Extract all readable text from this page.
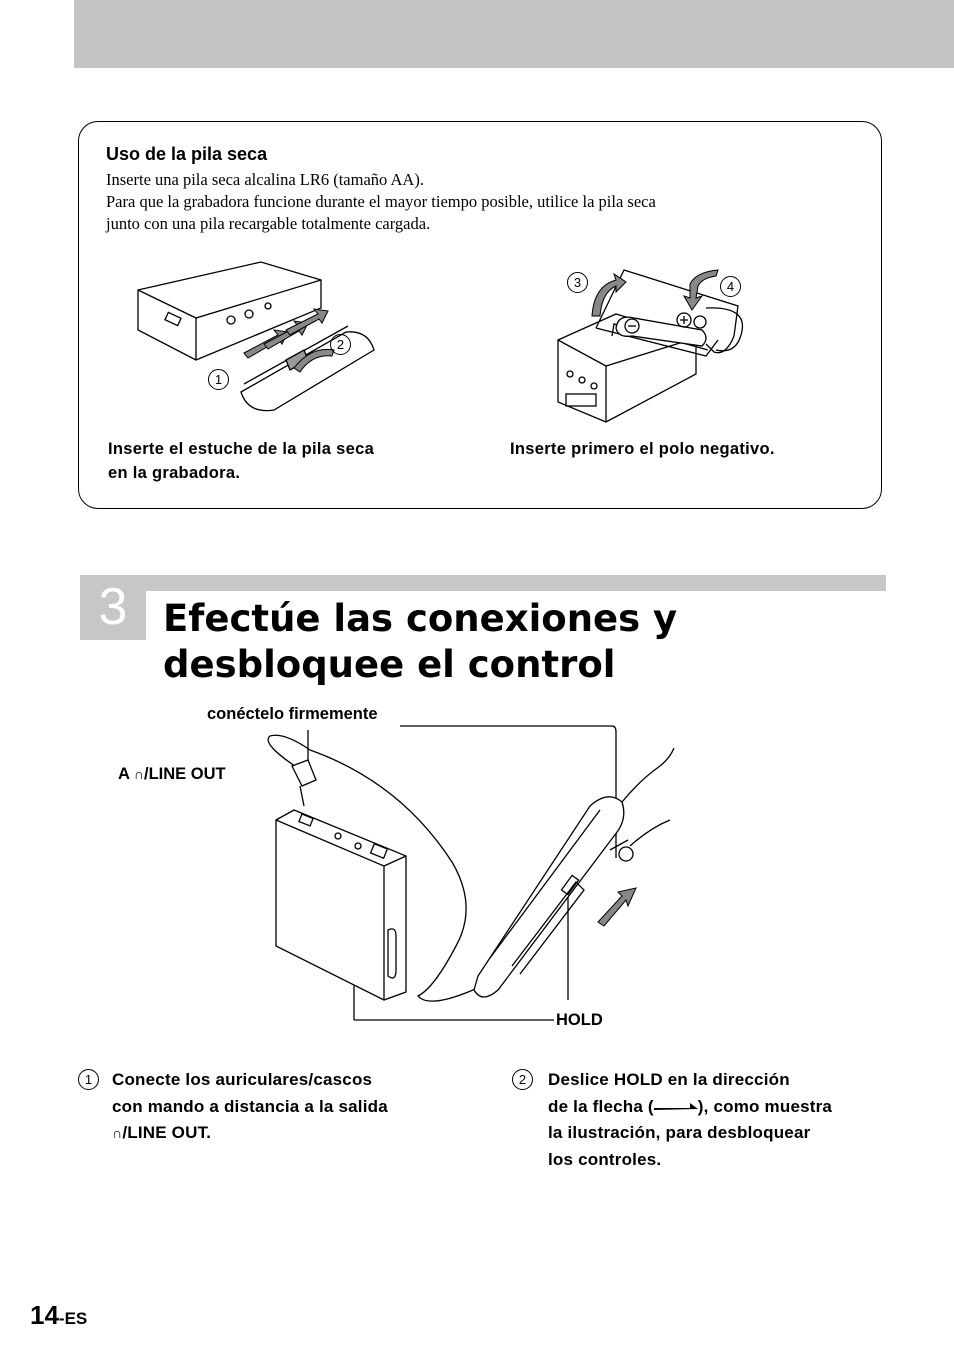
Uso de la pila seca
Inserte una pila seca alcalina LR6 (tamaño AA).
Para que la grabadora funcione durante el mayor tiempo posible, utilice la pila seca
junto con una pila recargable totalmente cargada.
1
2
3	4
Inserte el estuche de la pila seca
en la grabadora.
Inserte primero el polo negativo.
3 Efectúe las conexiones y
desbloquee el control
conéctelo firmemente
A ∩/LINE OUT
HOLD
1	Conecte los auriculares/cascos
con mando a distancia a la salida
∩/LINE OUT.
2	Deslice HOLD en la dirección
de la flecha (	), como muestra
la ilustración, para desbloquear
los controles.
14-ES
